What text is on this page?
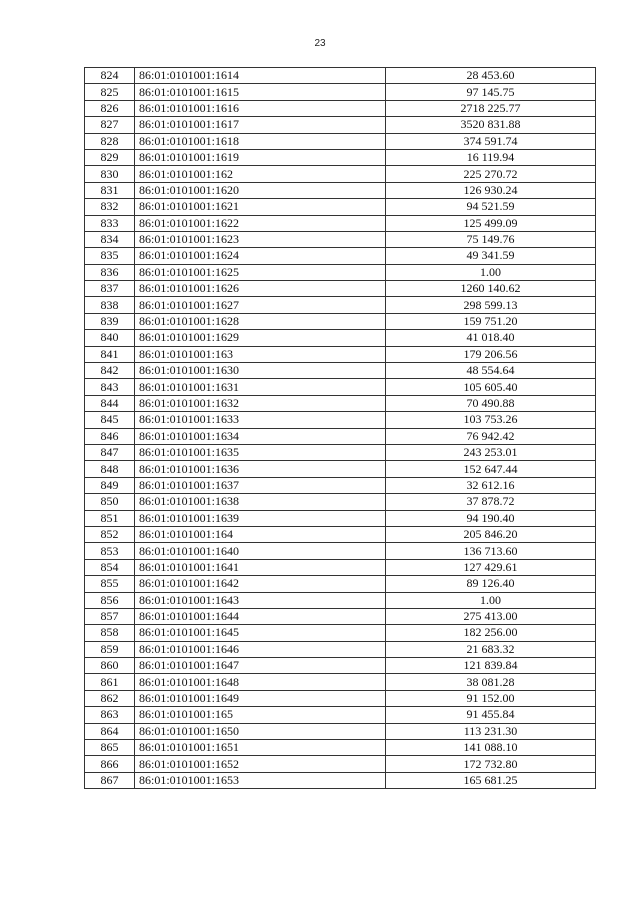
23
824	86:01:0101001:1614	28 453.60
825	86:01:0101001:1615	97 145.75
826	86:01:0101001:1616	2718 225.77
827	86:01:0101001:1617	3520 831.88
828	86:01:0101001:1618	374 591.74
829	86:01:0101001:1619	16 119.94
830	86:01:0101001:162	225 270.72
831	86:01:0101001:1620	126 930.24
832	86:01:0101001:1621	94 521.59
833	86:01:0101001:1622	125 499.09
834	86:01:0101001:1623	75 149.76
835	86:01:0101001:1624	49 341.59
836	86:01:0101001:1625	1.00
837	86:01:0101001:1626	1260 140.62
838	86:01:0101001:1627	298 599.13
839	86:01:0101001:1628	159 751.20
840	86:01:0101001:1629	41 018.40
841	86:01:0101001:163	179 206.56
842	86:01:0101001:1630	48 554.64
843	86:01:0101001:1631	105 605.40
844	86:01:0101001:1632	70 490.88
845	86:01:0101001:1633	103 753.26
846	86:01:0101001:1634	76 942.42
847	86:01:0101001:1635	243 253.01
848	86:01:0101001:1636	152 647.44
849	86:01:0101001:1637	32 612.16
850	86:01:0101001:1638	37 878.72
851	86:01:0101001:1639	94 190.40
852	86:01:0101001:164	205 846.20
853	86:01:0101001:1640	136 713.60
854	86:01:0101001:1641	127 429.61
855	86:01:0101001:1642	89 126.40
856	86:01:0101001:1643	1.00
857	86:01:0101001:1644	275 413.00
858	86:01:0101001:1645	182 256.00
859	86:01:0101001:1646	21 683.32
860	86:01:0101001:1647	121 839.84
861	86:01:0101001:1648	38 081.28
862	86:01:0101001:1649	91 152.00
863	86:01:0101001:165	91 455.84
864	86:01:0101001:1650	113 231.30
865	86:01:0101001:1651	141 088.10
866	86:01:0101001:1652	172 732.80
867	86:01:0101001:1653	165 681.25
